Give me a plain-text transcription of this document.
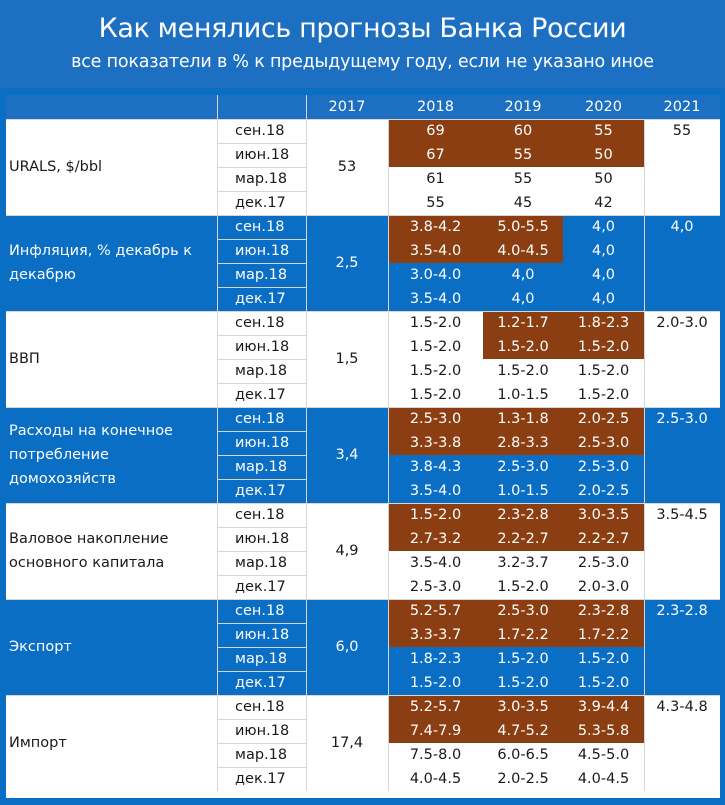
Как менялись прогнозы Банка России
все показатели в % к предыдущему году, если не указано иное
2017	2018	2019	2020	2021
URALS, $/bbl	53
сен.18	69	60	55	55
июн.18	67	55	50
мар.18	61	55	50
дек.17	55	45	42
Инфляция, % декабрь к декабрю
2,5
сен.18	3.8-4.2	5.0-5.5	4,0	4,0
июн.18	3.5-4.0	4.0-4.5	4,0
мар.18	3.0-4.0	4,0	4,0
дек.17	3.5-4.0	4,0	4,0
ВВП	1,5
сен.18	1.5-2.0	1.2-1.7	1.8-2.3	2.0-3.0
июн.18	1.5-2.0	1.5-2.0	1.5-2.0
мар.18	1.5-2.0	1.5-2.0	1.5-2.0
дек.17	1.5-2.0	1.0-1.5	1.5-2.0
Расходы на конечное потребление домохозяйств
3,4
сен.18	2.5-3.0	1.3-1.8	2.0-2.5	2.5-3.0
июн.18	3.3-3.8	2.8-3.3	2.5-3.0
мар.18	3.8-4.3	2.5-3.0	2.5-3.0
дек.17	3.5-4.0	1.0-1.5	2.0-2.5
Валовое накопление основного капитала
4,9
сен.18	1.5-2.0	2.3-2.8	3.0-3.5	3.5-4.5
июн.18	2.7-3.2	2.2-2.7	2.2-2.7
мар.18	3.5-4.0	3.2-3.7	2.5-3.0
дек.17	2.5-3.0	1.5-2.0	2.0-3.0
Экспорт	6,0
сен.18	5.2-5.7	2.5-3.0	2.3-2.8	2.3-2.8
июн.18	3.3-3.7	1.7-2.2	1.7-2.2
мар.18	1.8-2.3	1.5-2.0	1.5-2.0
дек.17	1.5-2.0	1.5-2.0	1.5-2.0
Импорт	17,4
сен.18	5.2-5.7	3.0-3.5	3.9-4.4	4.3-4.8
июн.18	7.4-7.9	4.7-5.2	5.3-5.8
мар.18	7.5-8.0	6.0-6.5	4.5-5.0
дек.17	4.0-4.5	2.0-2.5	4.0-4.5
